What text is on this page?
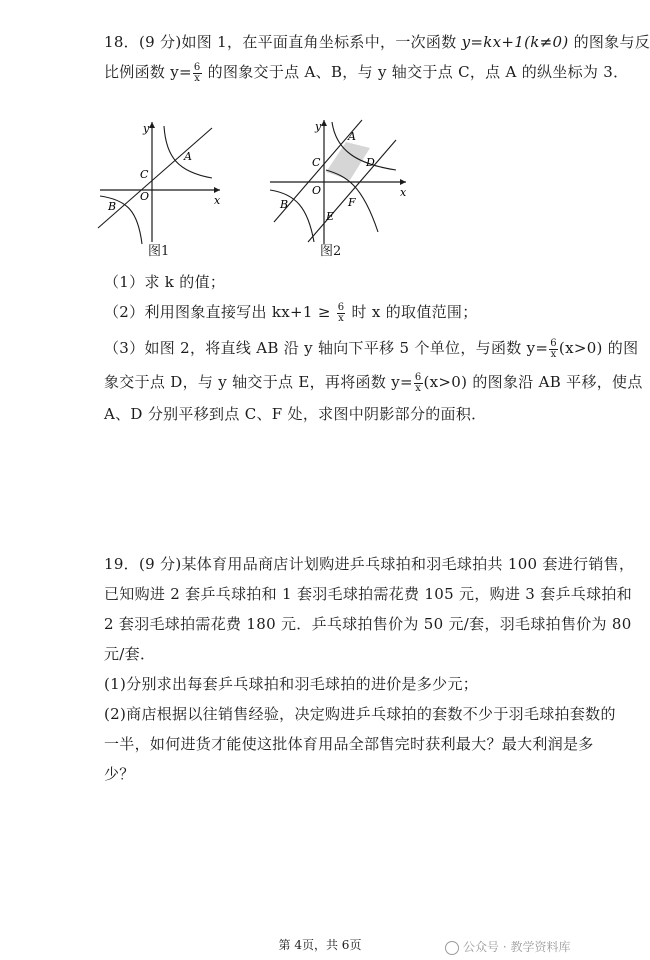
18．(9 分)如图 1，在平面直角坐标系中，一次函数 y=kx+1(k≠0) 的图象与反
比例函数 $y= \frac{6}{x}$ 的图象交于点 A、B，与 y 轴交于点 C，点 A 的纵坐标为 3．
y
x
A
B
C
O
图1
y
x
A
B
C	D
E
F
O
图2
（1）求 k 的值；
（2）利用图象直接写出 $kx+1 \ge \frac{6}{x}$ 时 x 的取值范围；
（3）如图 2，将直线 AB 沿 y 轴向下平移 5 个单位，与函数 $y= \frac{6}{x} (x>0)$ 的图
象交于点 D，与 y 轴交于点 E，再将函数 $y= \frac{6}{x} (x>0)$ 的图象沿 AB 平移，使点
A、D 分别平移到点 C、F 处，求图中阴影部分的面积．
19．(9 分)某体育用品商店计划购进乒乓球拍和羽毛球拍共 100 套进行销售，
已知购进 2 套乒乓球拍和 1 套羽毛球拍需花费 105 元，购进 3 套乒乓球拍和
2 套羽毛球拍需花费 180 元．乒乓球拍售价为 50 元/套，羽毛球拍售价为 80
元/套．
(1)分别求出每套乒乓球拍和羽毛球拍的进价是多少元；
(2)商店根据以往销售经验，决定购进乒乓球拍的套数不少于羽毛球拍套数的
一半，如何进货才能使这批体育用品全部售完时获利最大？最大利润是多
少？
第 4页，共 6页	公众号 · 教学资料库
